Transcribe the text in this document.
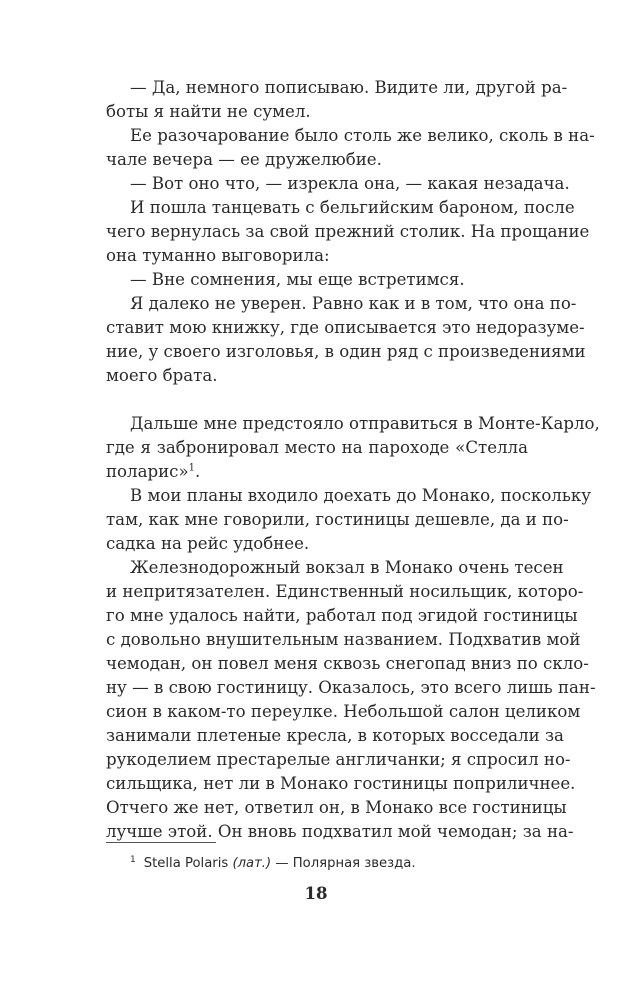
— Да, немного пописываю. Видите ли, другой ра-
боты я найти не сумел.
Ее разочарование было столь же велико, сколь в на-
чале вечера — ее дружелюбие.
— Вот оно что, — изрекла она, — какая незадача.
И пошла танцевать с бельгийским бароном, после
чего вернулась за свой прежний столик. На прощание
она туманно выговорила:
— Вне сомнения, мы еще встретимся.
Я далеко не уверен. Равно как и в том, что она по-
ставит мою книжку, где описывается это недоразуме-
ние, у своего изголовья, в один ряд с произведениями
моего брата.
Дальше мне предстояло отправиться в Монте-Карло,
где я забронировал место на пароходе «Стелла
поларис»$^1$.
В мои планы входило доехать до Монако, поскольку
там, как мне говорили, гостиницы дешевле, да и по-
садка на рейс удобнее.
Железнодорожный вокзал в Монако очень тесен
и непритязателен. Единственный носильщик, которо-
го мне удалось найти, работал под эгидой гостиницы
с довольно внушительным названием. Подхватив мой
чемодан, он повел меня сквозь снегопад вниз по скло-
ну — в свою гостиницу. Оказалось, это всего лишь пан-
сион в каком-то переулке. Небольшой салон целиком
занимали плетеные кресла, в которых восседали за
рукоделием престарелые англичанки; я спросил но-
сильщика, нет ли в Монако гостиницы поприличнее.
Отчего же нет, ответил он, в Монако все гостиницы
лучше этой. Он вновь подхватил мой чемодан; за на-
$^1$ Stella Polaris (лат.) — Полярная звезда.
18
